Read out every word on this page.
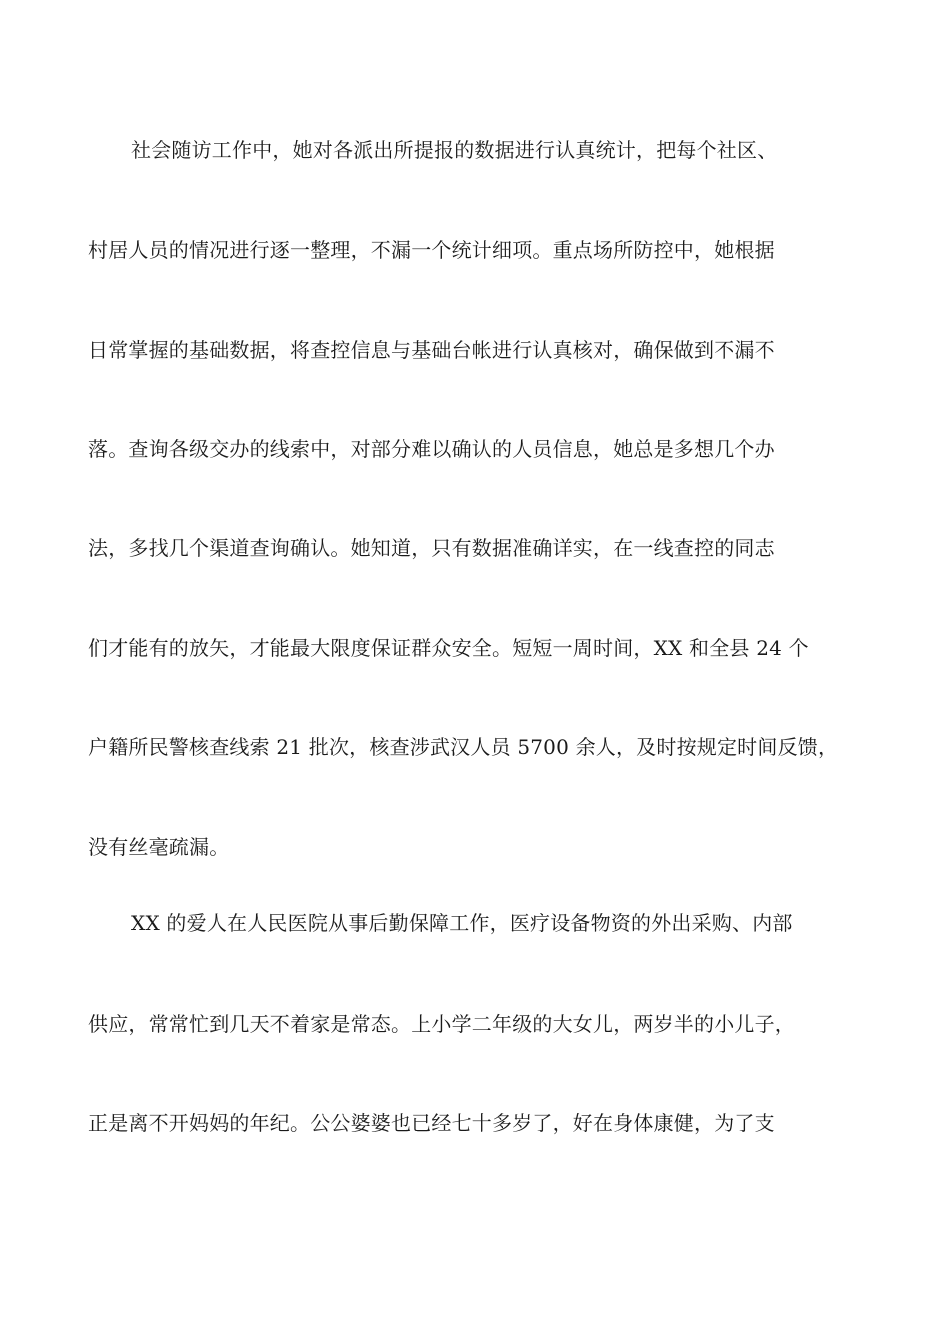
社会随访工作中，她对各派出所提报的数据进行认真统计，把每个社区、

村居人员的情况进行逐一整理，不漏一个统计细项。重点场所防控中，她根据

日常掌握的基础数据，将查控信息与基础台帐进行认真核对，确保做到不漏不

落。查询各级交办的线索中，对部分难以确认的人员信息，她总是多想几个办

法，多找几个渠道查询确认。她知道，只有数据准确详实，在一线查控的同志

们才能有的放矢，才能最大限度保证群众安全。短短一周时间，XX 和全县 24 个

户籍所民警核查线索 21 批次，核查涉武汉人员 5700 余人，及时按规定时间反馈，

没有丝毫疏漏。

XX 的爱人在人民医院从事后勤保障工作，医疗设备物资的外出采购、内部

供应，常常忙到几天不着家是常态。上小学二年级的大女儿，两岁半的小儿子，

正是离不开妈妈的年纪。公公婆婆也已经七十多岁了，好在身体康健，为了支
